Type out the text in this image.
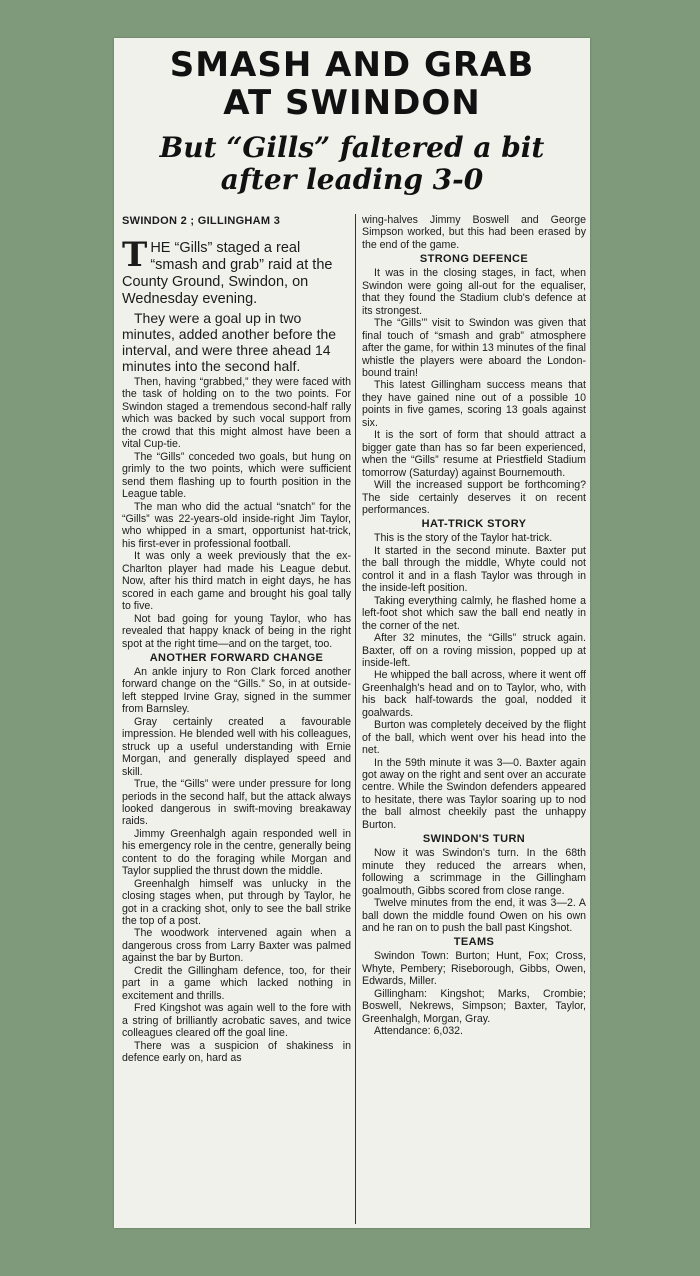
SMASH AND GRAB
AT SWINDON
But “Gills” faltered a bit
after leading 3-0
SWINDON 2 ; GILLINGHAM 3
THE “Gills” staged a real “smash and grab” raid at the County Ground, Swindon, on Wednesday evening.

They were a goal up in two minutes, added another before the interval, and were three ahead 14 minutes into the second half.

Then, having “grabbed,” they were faced with the task of holding on to the two points. For Swindon staged a tremendous second-half rally which was backed by such vocal support from the crowd that this might almost have been a vital Cup-tie.

The “Gills” conceded two goals, but hung on grimly to the two points, which were sufficient send them flashing up to fourth position in the League table.

The man who did the actual “snatch” for the “Gills” was 22-years-old inside-right Jim Taylor, who whipped in a smart, opportunist hat-trick, his first-ever in professional football.

It was only a week previously that the ex-Charlton player had made his League debut. Now, after his third match in eight days, he has scored in each game and brought his goal tally to five.

Not bad going for young Taylor, who has revealed that happy knack of being in the right spot at the right time—and on the target, too.

ANOTHER FORWARD CHANGE

An ankle injury to Ron Clark forced another forward change on the “Gills.” So, in at outside-left stepped Irvine Gray, signed in the summer from Barnsley.

Gray certainly created a favourable impression. He blended well with his colleagues, struck up a useful understanding with Ernie Morgan, and generally displayed speed and skill.

True, the “Gills” were under pressure for long periods in the second half, but the attack always looked dangerous in swift-moving breakaway raids.

Jimmy Greenhalgh again responded well in his emergency role in the centre, generally being content to do the foraging while Morgan and Taylor supplied the thrust down the middle.

Greenhalgh himself was unlucky in the closing stages when, put through by Taylor, he got in a cracking shot, only to see the ball strike the top of a post.

The woodwork intervened again when a dangerous cross from Larry Baxter was palmed against the bar by Burton.

Credit the Gillingham defence, too, for their part in a game which lacked nothing in excitement and thrills.

Fred Kingshot was again well to the fore with a string of brilliantly acrobatic saves, and twice colleagues cleared off the goal line.

There was a suspicion of shakiness in defence early on, hard as

wing-halves Jimmy Boswell and George Simpson worked, but this had been erased by the end of the game.

STRONG DEFENCE

It was in the closing stages, in fact, when Swindon were going all-out for the equaliser, that they found the Stadium club's defence at its strongest.

The “Gills’” visit to Swindon was given that final touch of “smash and grab” atmosphere after the game, for within 13 minutes of the final whistle the players were aboard the London-bound train!

This latest Gillingham success means that they have gained nine out of a possible 10 points in five games, scoring 13 goals against six.

It is the sort of form that should attract a bigger gate than has so far been experienced, when the “Gills” resume at Priestfield Stadium tomorrow (Saturday) against Bournemouth.

Will the increased support be forthcoming? The side certainly deserves it on recent performances.

HAT-TRICK STORY

This is the story of the Taylor hat-trick.

It started in the second minute. Baxter put the ball through the middle, Whyte could not control it and in a flash Taylor was through in the inside-left position.

Taking everything calmly, he flashed home a left-foot shot which saw the ball end neatly in the corner of the net.

After 32 minutes, the “Gills” struck again. Baxter, off on a roving mission, popped up at inside-left.

He whipped the ball across, where it went off Greenhalgh's head and on to Taylor, who, with his back half-towards the goal, nodded it goalwards.

Burton was completely deceived by the flight of the ball, which went over his head into the net.

In the 59th minute it was 3—0. Baxter again got away on the right and sent over an accurate centre. While the Swindon defenders appeared to hesitate, there was Taylor soaring up to nod the ball almost cheekily past the unhappy Burton.

SWINDON'S TURN

Now it was Swindon's turn. In the 68th minute they reduced the arrears when, following a scrimmage in the Gillingham goalmouth, Gibbs scored from close range.

Twelve minutes from the end, it was 3—2. A ball down the middle found Owen on his own and he ran on to push the ball past Kingshot.

TEAMS

Swindon Town: Burton; Hunt, Fox; Cross, Whyte, Pembery; Riseborough, Gibbs, Owen, Edwards, Miller.

Gillingham: Kingshot; Marks, Crombie; Boswell, Nekrews, Simpson; Baxter, Taylor, Greenhalgh, Morgan, Gray.

Attendance: 6,032.
